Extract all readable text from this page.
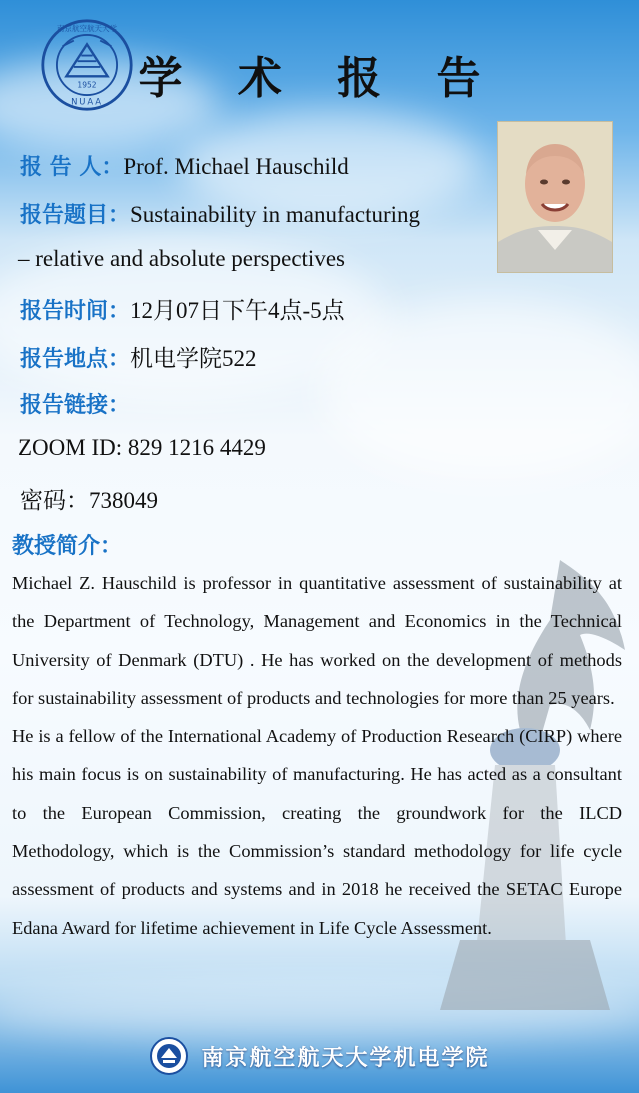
1952
NUAA
南京航空航天大学
学 术 报 告
报 告 人：Prof. Michael Hauschild
报告题目：Sustainability in manufacturing
– relative and absolute perspectives
报告时间：12月07日下午4点-5点
报告地点：机电学院522
报告链接：
ZOOM ID: 829 1216 4429
密码：738049
教授简介：

Michael Z. Hauschild is professor in quantitative assessment of sustainability at the Department of Technology, Management and Economics in the Technical University of Denmark (DTU) . He has worked on the development of methods for sustainability assessment of products and technologies for more than 25 years.

He is a fellow of the International Academy of Production Research (CIRP) where his main focus is on sustainability of manufacturing. He has acted as a consultant to the European Commission, creating the groundwork for the ILCD Methodology, which is the Commission’s standard methodology for life cycle assessment of products and systems and in 2018 he received the SETAC Europe Edana Award for lifetime achievement in Life Cycle Assessment.

南京航空航天大学机电学院
